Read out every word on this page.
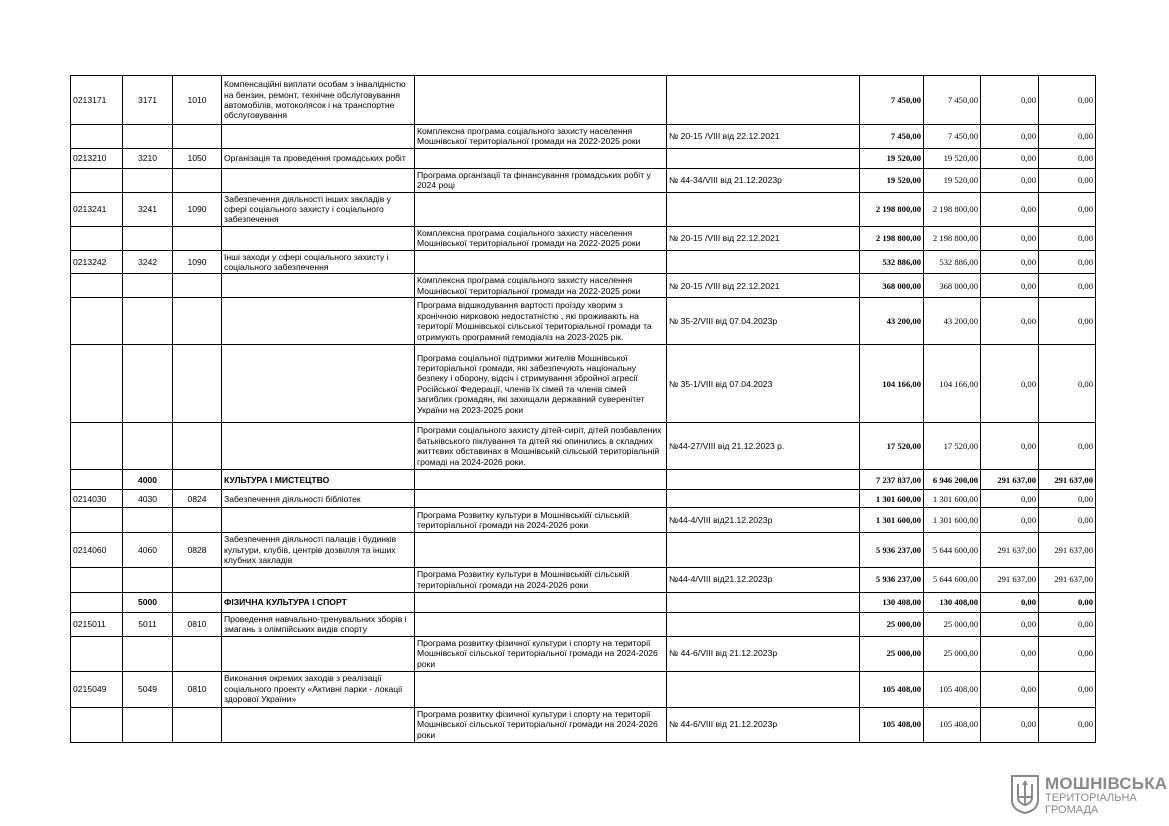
0213171	3171	1010	Компенсаційні виплати особам з інвалідністю на бензин, ремонт, технічне обслуговування автомобілів, мотоколясок і на транспортне обслуговування			7 450,00	7 450,00	0,00	0,00
				Комплексна програма соціального захисту населення Мошнівської територіальної громади на 2022-2025 роки	№ 20-15 /VIII від 22.12.2021	7 450,00	7 450,00	0,00	0,00
0213210	3210	1050	Організація та проведення громадських робіт			19 520,00	19 520,00	0,00	0,00
				Програма організації та фінансування громадських робіт у 2024 році	№ 44-34/VIII від 21.12.2023р	19 520,00	19 520,00	0,00	0,00
0213241	3241	1090	Забезпечення діяльності інших закладів у сфері соціального захисту і соціального забезпечення			2 198 800,00	2 198 800,00	0,00	0,00
				Комплексна програма соціального захисту населення Мошнівської територіальної громади на 2022-2025 роки	№ 20-15 /VIII від 22.12.2021	2 198 800,00	2 198 800,00	0,00	0,00
0213242	3242	1090	Інші заходи у сфері соціального захисту і соціального забезпечення			532 886,00	532 886,00	0,00	0,00
				Комплексна програма соціального захисту населення Мошнівської територіальної громади на 2022-2025 роки	№ 20-15 /VIII від 22.12.2021	368 000,00	368 000,00	0,00	0,00
				Програма відшкодування вартості проїзду хворим з хронічною нирковою недостатністю , які проживають на території Мошнівської сільської територіальної громади та отримують програмний гемодіаліз на 2023-2025 рік.	№ 35-2/VIII від 07.04.2023р	43 200,00	43 200,00	0,00	0,00
				Програма соціальної підтримки жителів Мошнівської територіальної громади, які забезпечують національну безпеку і оборону, відсіч і стримування збройної агресії Російської Федерації, членів їх сімей та членів сімей загиблих громадян, які захищали державний суверенітет України на 2023-2025 роки	№ 35-1/VIII від 07.04.2023	104 166,00	104 166,00	0,00	0,00
				Програми соціального захисту дітей-сиріт, дітей позбавлених батьківського піклування та дітей які опинились в складних життєвих обставинах в Мошнівській сільській територіальній громаді на 2024-2026 роки.	№44-27/VIII від 21.12.2023 р.	17 520,00	17 520,00	0,00	0,00
	4000		КУЛЬТУРА І МИСТЕЦТВО			7 237 837,00	6 946 200,00	291 637,00	291 637,00
0214030	4030	0824	Забезпечення діяльності бібліотек			1 301 600,00	1 301 600,00	0,00	0,00
				Програма Розвитку культури в Мошнівськійї сільській територіальної громади на 2024-2026 роки	№44-4/VIII від21.12.2023р	1 301 600,00	1 301 600,00	0,00	0,00
0214060	4060	0828	Забезпечення діяльності палаців i будинків культури, клубів, центрів дозвілля та iнших клубних закладів			5 936 237,00	5 644 600,00	291 637,00	291 637,00
				Програма Розвитку культури в Мошнівськійї сільській територіальної громади на 2024-2026 роки	№44-4/VIII від21.12.2023р	5 936 237,00	5 644 600,00	291 637,00	291 637,00
	5000		ФІЗИЧНА КУЛЬТУРА І СПОРТ			130 408,00	130 408,00	0,00	0,00
0215011	5011	0810	Проведення навчально-тренувальних зборів і змагань з олімпійських видів спорту			25 000,00	25 000,00	0,00	0,00
				Програма розвитку фізичної культури і спорту на території Мошнівської сільської територіальної громади на 2024-2026 роки	№ 44-6/VIII від 21.12.2023р	25 000,00	25 000,00	0,00	0,00
0215049	5049	0810	Виконання окремих заходів з реалізації соціального проекту «Активні парки - локації здорової України»			105 408,00	105 408,00	0,00	0,00
				Програма розвитку фізичної культури і спорту на території Мошнівської сільської територіальної громади на 2024-2026 роки	№ 44-6/VIII від 21.12.2023р	105 408,00	105 408,00	0,00	0,00
МОШНІВСЬКА
ТЕРИТОРІАЛЬНА
ГРОМАДА
